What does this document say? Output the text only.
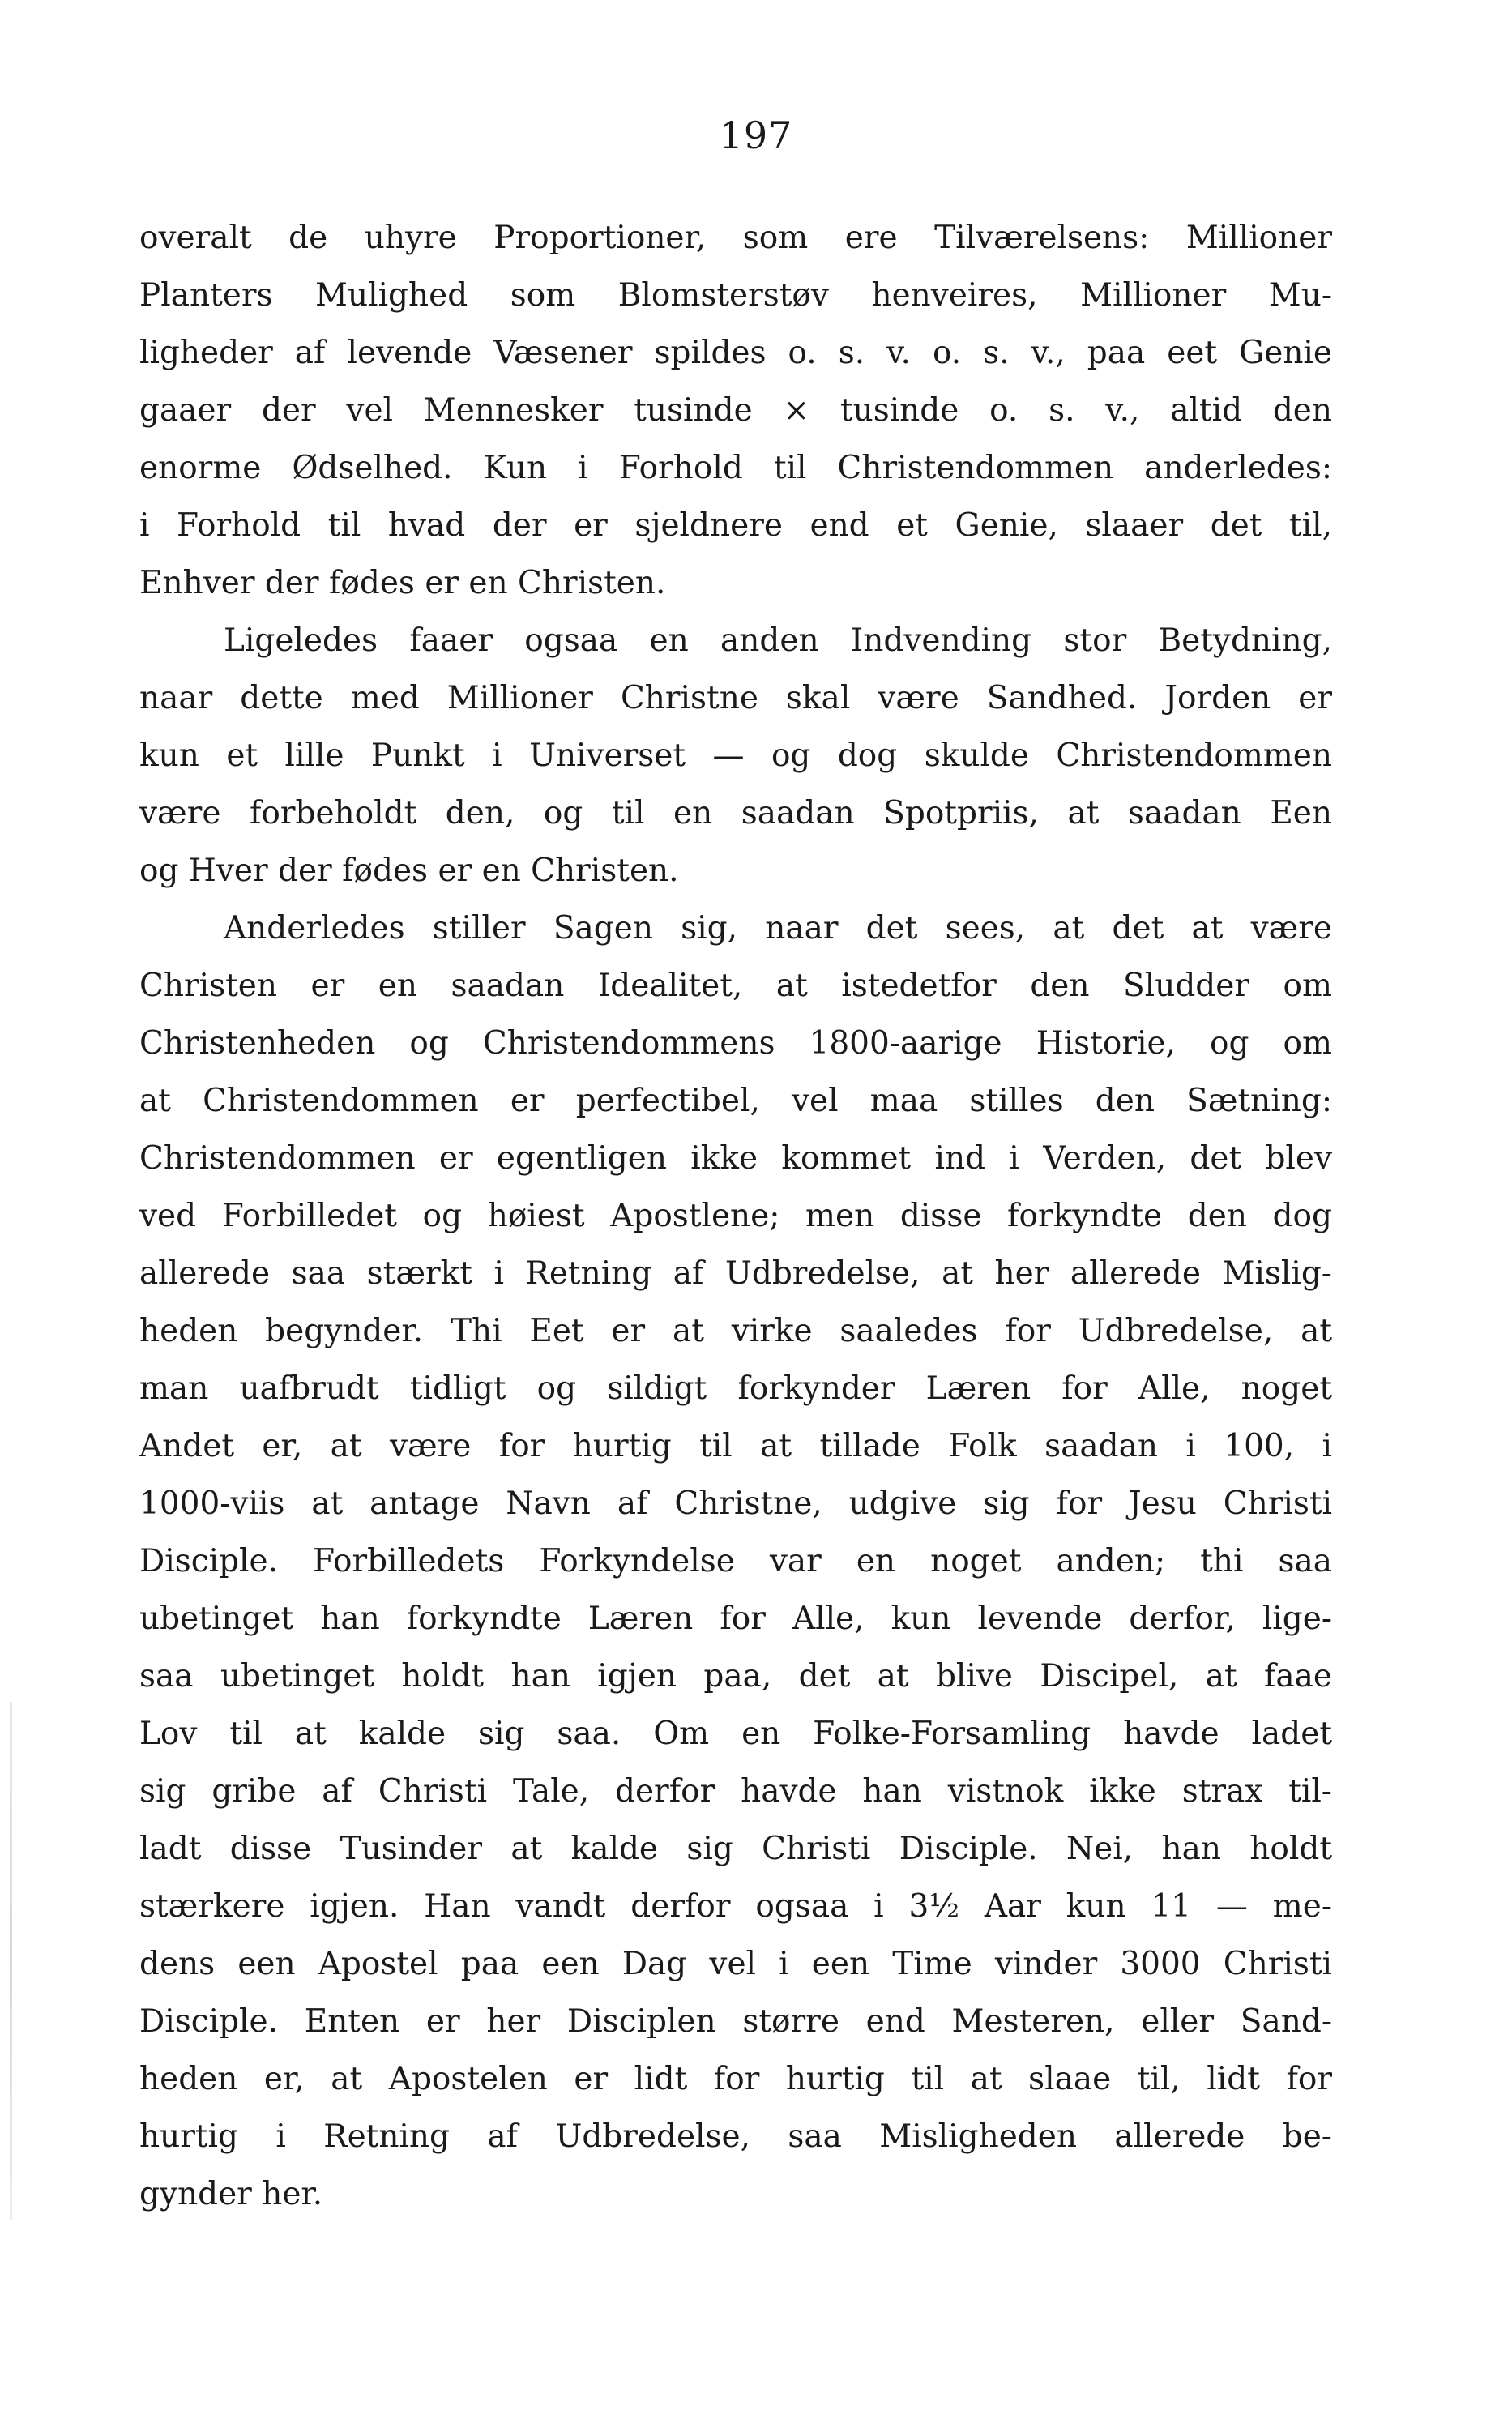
197
overalt de uhyre Proportioner, som ere Tilværelsens: Millioner
Planters Mulighed som Blomsterstøv henveires, Millioner Mu-
ligheder af levende Væsener spildes o. s. v. o. s. v., paa eet Genie
gaaer der vel Mennesker tusinde × tusinde o. s. v., altid den
enorme Ødselhed. Kun i Forhold til Christendommen anderledes:
i Forhold til hvad der er sjeldnere end et Genie, slaaer det til,
Enhver der fødes er en Christen.
Ligeledes faaer ogsaa en anden Indvending stor Betydning,
naar dette med Millioner Christne skal være Sandhed. Jorden er
kun et lille Punkt i Universet — og dog skulde Christendommen
være forbeholdt den, og til en saadan Spotpriis, at saadan Een
og Hver der fødes er en Christen.
Anderledes stiller Sagen sig, naar det sees, at det at være
Christen er en saadan Idealitet, at istedetfor den Sludder om
Christenheden og Christendommens 1800-aarige Historie, og om
at Christendommen er perfectibel, vel maa stilles den Sætning:
Christendommen er egentligen ikke kommet ind i Verden, det blev
ved Forbilledet og høiest Apostlene; men disse forkyndte den dog
allerede saa stærkt i Retning af Udbredelse, at her allerede Mislig-
heden begynder. Thi Eet er at virke saaledes for Udbredelse, at
man uafbrudt tidligt og sildigt forkynder Læren for Alle, noget
Andet er, at være for hurtig til at tillade Folk saadan i 100, i
1000-viis at antage Navn af Christne, udgive sig for Jesu Christi
Disciple. Forbilledets Forkyndelse var en noget anden; thi saa
ubetinget han forkyndte Læren for Alle, kun levende derfor, lige-
saa ubetinget holdt han igjen paa, det at blive Discipel, at faae
Lov til at kalde sig saa. Om en Folke-Forsamling havde ladet
sig gribe af Christi Tale, derfor havde han vistnok ikke strax til-
ladt disse Tusinder at kalde sig Christi Disciple. Nei, han holdt
stærkere igjen. Han vandt derfor ogsaa i 3½ Aar kun 11 — me-
dens een Apostel paa een Dag vel i een Time vinder 3000 Christi
Disciple. Enten er her Disciplen større end Mesteren, eller Sand-
heden er, at Apostelen er lidt for hurtig til at slaae til, lidt for
hurtig i Retning af Udbredelse, saa Misligheden allerede be-
gynder her.
